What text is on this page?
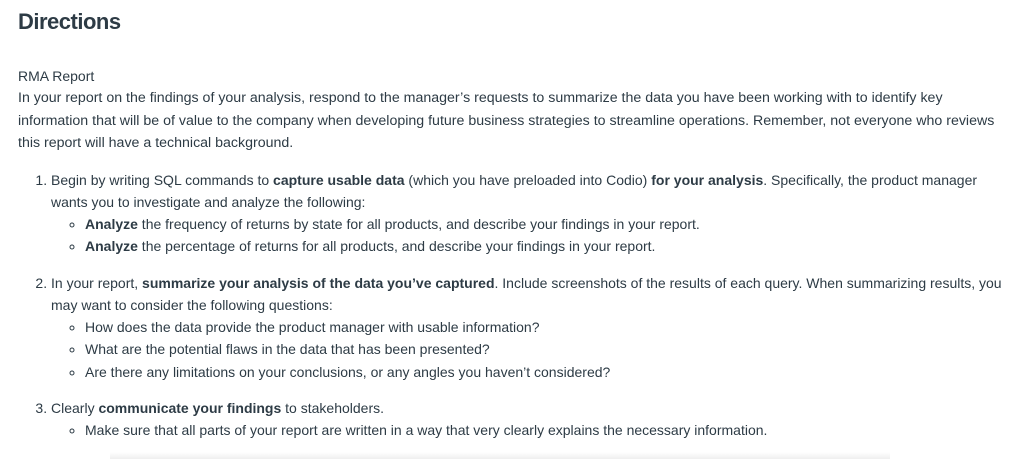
Directions
RMA Report

In your report on the findings of your analysis, respond to the manager’s requests to summarize the data you have been working with to identify key information that will be of value to the company when developing future business strategies to streamline operations. Remember, not everyone who reviews this report will have a technical background.

1. Begin by writing SQL commands to capture usable data (which you have preloaded into Codio) for your analysis. Specifically, the product manager wants you to investigate and analyze the following:
◦ Analyze the frequency of returns by state for all products, and describe your findings in your report.
◦ Analyze the percentage of returns for all products, and describe your findings in your report.
2. In your report, summarize your analysis of the data you’ve captured. Include screenshots of the results of each query. When summarizing results, you may want to consider the following questions:
◦ How does the data provide the product manager with usable information?
◦ What are the potential flaws in the data that has been presented?
◦ Are there any limitations on your conclusions, or any angles you haven’t considered?
3. Clearly communicate your findings to stakeholders.
◦ Make sure that all parts of your report are written in a way that very clearly explains the necessary information.
